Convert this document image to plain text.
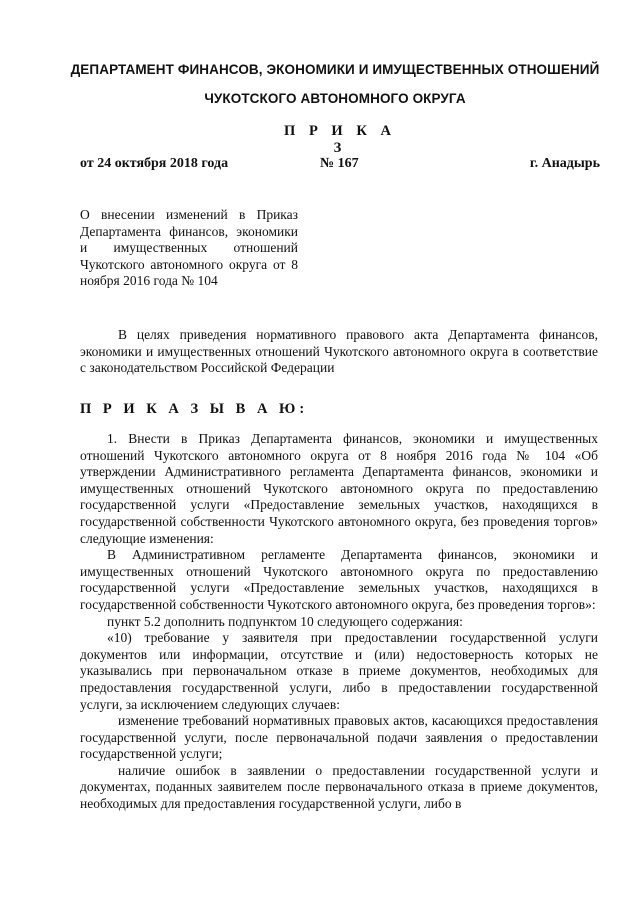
ДЕПАРТАМЕНТ ФИНАНСОВ, ЭКОНОМИКИ И ИМУЩЕСТВЕННЫХ ОТНОШЕНИЙ
ЧУКОТСКОГО АВТОНОМНОГО ОКРУГА
П Р И К А З
от 24 октября 2018 года	№ 167	г. Анадырь
О внесении изменений в Приказ Департамента финансов, экономики и имущественных отношений Чукотского автономного округа от 8 ноября 2016 года № 104

В целях приведения нормативного правового акта Департамента финансов, экономики и имущественных отношений Чукотского автономного округа в соответствие с законодательством Российской Федерации

П Р И К А З Ы В А Ю:

1. Внести в Приказ Департамента финансов, экономики и имущественных отношений Чукотского автономного округа от 8 ноября 2016 года № 104 «Об утверждении Административного регламента Департамента финансов, экономики и имущественных отношений Чукотского автономного округа по предоставлению государственной услуги «Предоставление земельных участков, находящихся в государственной собственности Чукотского автономного округа, без проведения торгов» следующие изменения:

В Административном регламенте Департамента финансов, экономики и имущественных отношений Чукотского автономного округа по предоставлению государственной услуги «Предоставление земельных участков, находящихся в государственной собственности Чукотского автономного округа, без проведения торгов»:

пункт 5.2 дополнить подпунктом 10 следующего содержания:

«10) требование у заявителя при предоставлении государственной услуги документов или информации, отсутствие и (или) недостоверность которых не указывались при первоначальном отказе в приеме документов, необходимых для предоставления государственной услуги, либо в предоставлении государственной услуги, за исключением следующих случаев:

изменение требований нормативных правовых актов, касающихся предоставления государственной услуги, после первоначальной подачи заявления о предоставлении государственной услуги;

наличие ошибок в заявлении о предоставлении государственной услуги и документах, поданных заявителем после первоначального отказа в приеме документов, необходимых для предоставления государственной услуги, либо в
